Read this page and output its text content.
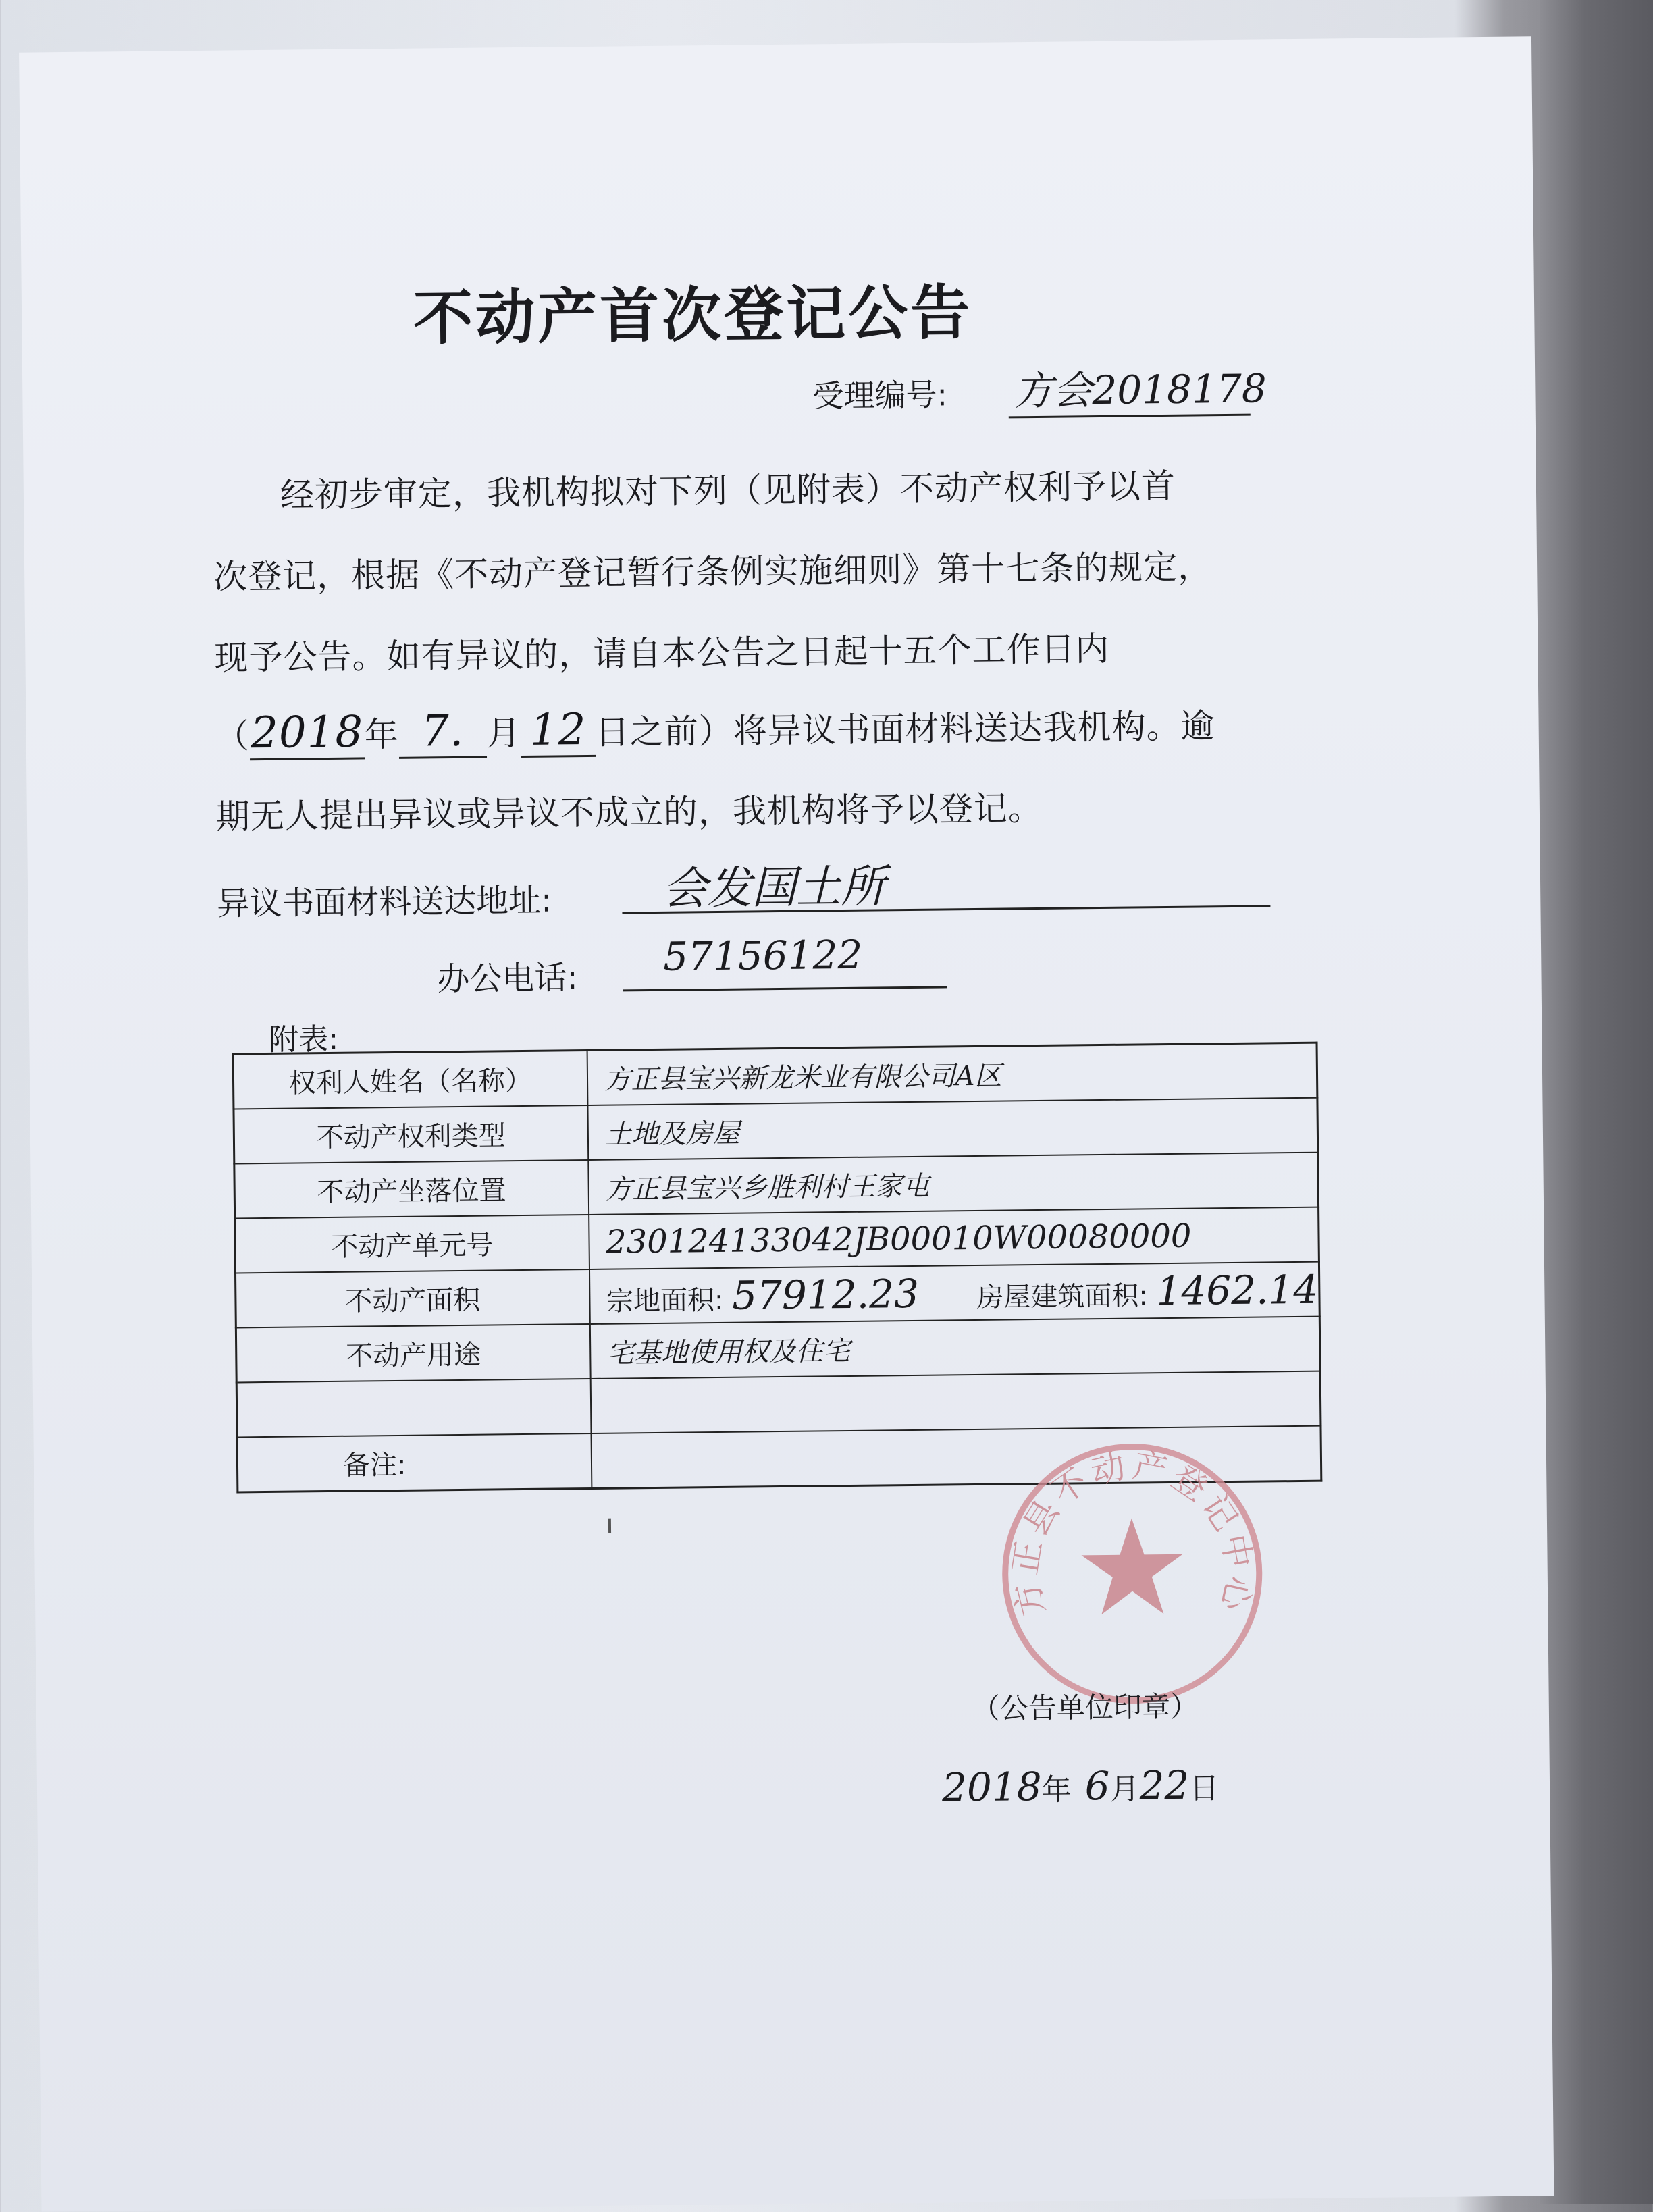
不动产首次登记公告
受理编号: 方会2018178
经初步审定，我机构拟对下列（见附表）不动产权利予以首
次登记，根据《不动产登记暂行条例实施细则》第十七条的规定，
现予公告。如有异议的，请自本公告之日起十五个工作日内
（2018年 7. 月 12 日之前）将异议书面材料送达我机构。逾
期无人提出异议或异议不成立的，我机构将予以登记。
异议书面材料送达地址:	会发国土所
办公电话:	57156122
附表:
权利人姓名（名称）	方正县宝兴新龙米业有限公司A区
不动产权利类型	土地及房屋
不动产坐落位置	方正县宝兴乡胜利村王家屯
不动产单元号	230124133042JB00010W00080000
不动产面积	宗地面积: 57912.23 房屋建筑面积: 1462.14
不动产用途	宅基地使用权及住宅

备注:	
方正县不动产登记中心
（公告单位印章）
2018年 6月22日
